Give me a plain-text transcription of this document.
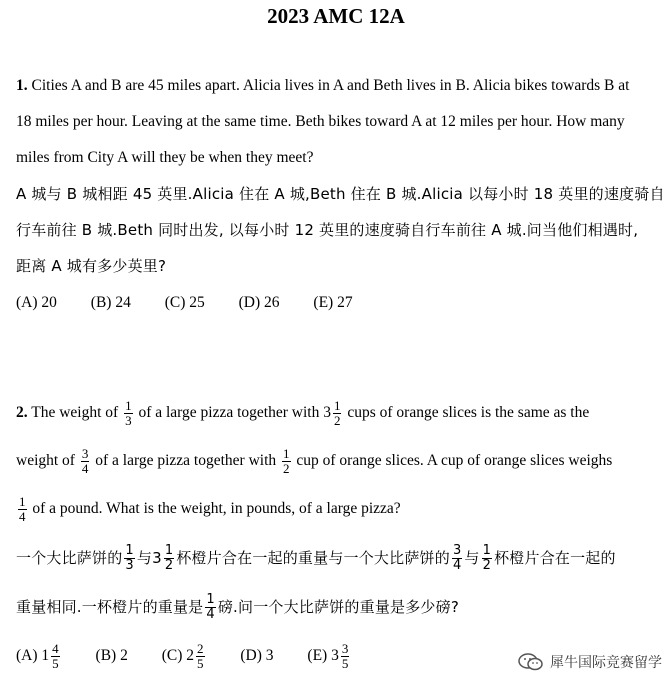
2023 AMC 12A
1. Cities A and B are 45 miles apart. Alicia lives in A and Beth lives in B. Alicia bikes towards B at
18 miles per hour. Leaving at the same time. Beth bikes toward A at 12 miles per hour. How many
miles from City A will they be when they meet?
A 城与 B 城相距 45 英里.Alicia 住在 A 城,Beth 住在 B 城.Alicia 以每小时 18 英里的速度骑自
行车前往 B 城.Beth 同时出发, 以每小时 12 英里的速度骑自行车前往 A 城.问当他们相遇时,
距离 A 城有多少英里?
(A) 20 (B) 24 (C) 25 (D) 26 (E) 27
2. The weight of $\frac{1}{3}$ of a large pizza together with $3 \frac{1}{2}$ cups of orange slices is the same as the
weight of $\frac{3}{4}$ of a large pizza together with $\frac{1}{2}$ cup of orange slices. A cup of orange slices weighs
$\frac{1}{4}$ of a pound. What is the weight, in pounds, of a large pizza?
一个大比萨饼的 $\frac{1}{3}$ 与$3 \frac{1}{2}$ 杯橙片合在一起的重量与一个大比萨饼的 $\frac{3}{4}$ 与 $\frac{1}{2}$ 杯橙片合在一起的
重量相同.一杯橙片的重量是 $\frac{1}{4}$ 磅.问一个大比萨饼的重量是多少磅?
(A) $1 \frac{4}{5} (B)$ 2 (C) $2 \frac{2}{5} (D)$ 3 (E) $3 \frac{3}{5}$	犀牛国际竞赛留学
